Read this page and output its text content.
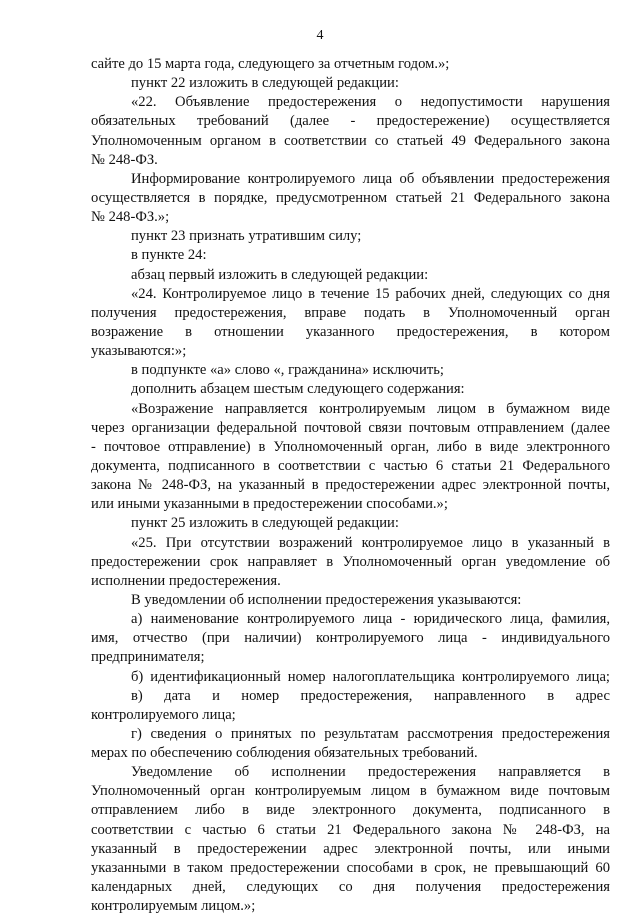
4
сайте до 15 марта года, следующего за отчетным годом.»;
пункт 22 изложить в следующей редакции:
«22. Объявление предостережения о недопустимости нарушения
обязательных требований (далее - предостережение) осуществляется
Уполномоченным органом в соответствии со статьей 49 Федерального закона
№ 248-ФЗ.
Информирование контролируемого лица об объявлении предостережения
осуществляется в порядке, предусмотренном статьей 21 Федерального закона
№ 248-ФЗ.»;
пункт 23 признать утратившим силу;
в пункте 24:
абзац первый изложить в следующей редакции:
«24. Контролируемое лицо в течение 15 рабочих дней, следующих со дня
получения предостережения, вправе подать в Уполномоченный орган
возражение в отношении указанного предостережения, в котором
указываются:»;
в подпункте «а» слово «, гражданина» исключить;
дополнить абзацем шестым следующего содержания:
«Возражение направляется контролируемым лицом в бумажном виде
через организации федеральной почтовой связи почтовым отправлением (далее
- почтовое отправление) в Уполномоченный орган, либо в виде электронного
документа, подписанного в соответствии с частью 6 статьи 21 Федерального
закона № 248-ФЗ, на указанный в предостережении адрес электронной почты,
или иными указанными в предостережении способами.»;
пункт 25 изложить в следующей редакции:
«25. При отсутствии возражений контролируемое лицо в указанный в
предостережении срок направляет в Уполномоченный орган уведомление об
исполнении предостережения.
В уведомлении об исполнении предостережения указываются:
а) наименование контролируемого лица - юридического лица, фамилия,
имя, отчество (при наличии) контролируемого лица - индивидуального
предпринимателя;
б) идентификационный номер налогоплательщика контролируемого лица;
в) дата и номер предостережения, направленного в адрес
контролируемого лица;
г) сведения о принятых по результатам рассмотрения предостережения
мерах по обеспечению соблюдения обязательных требований.
Уведомление об исполнении предостережения направляется в
Уполномоченный орган контролируемым лицом в бумажном виде почтовым
отправлением либо в виде электронного документа, подписанного в
соответствии с частью 6 статьи 21 Федерального закона № 248-ФЗ, на
указанный в предостережении адрес электронной почты, или иными
указанными в таком предостережении способами в срок, не превышающий 60
календарных дней, следующих со дня получения предостережения
контролируемым лицом.»;
